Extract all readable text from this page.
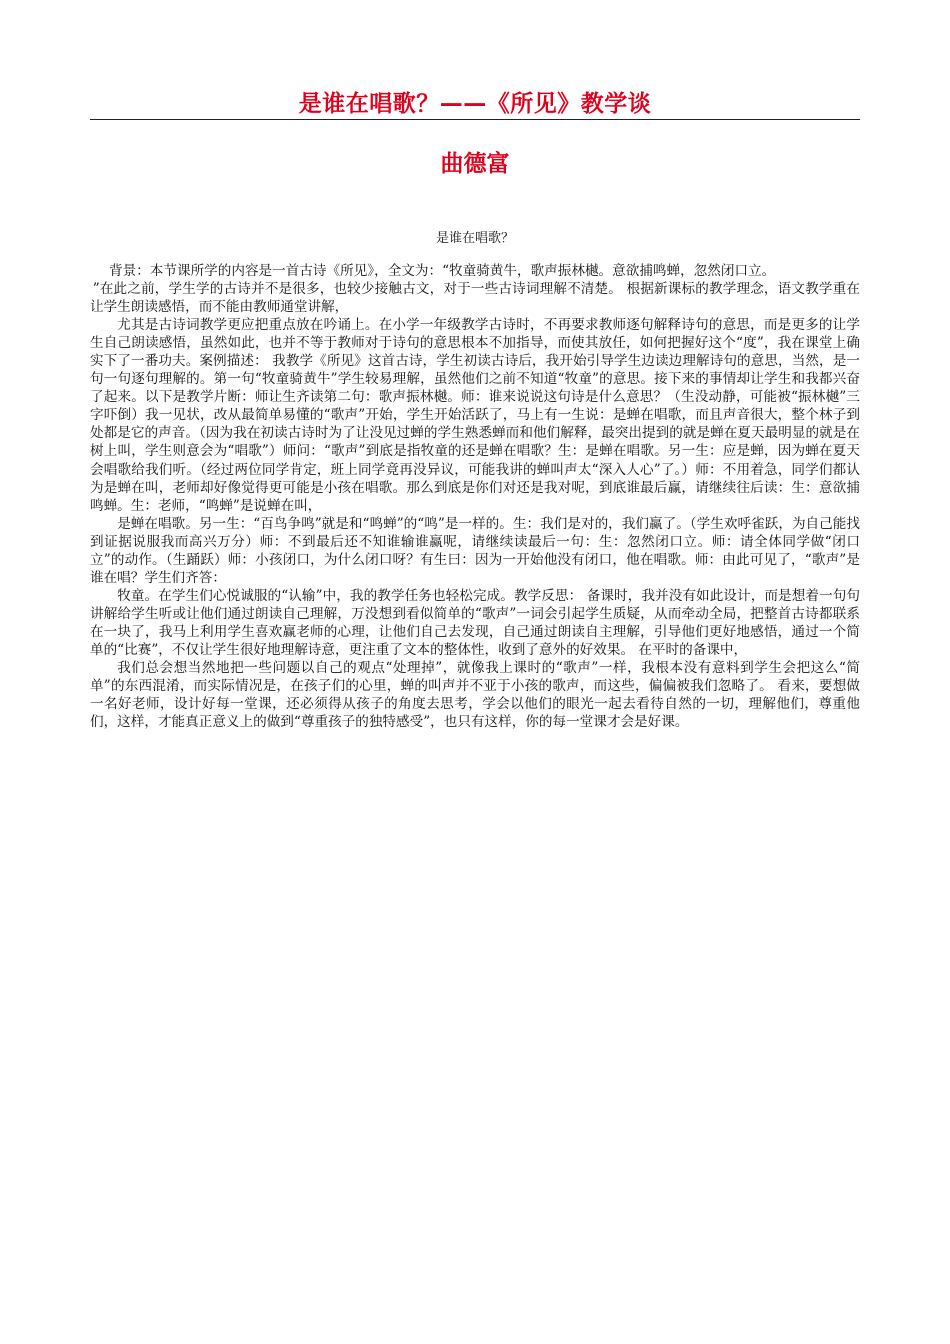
是谁在唱歌？——《所见》教学谈
曲德富

是谁在唱歌？

背景：本节课所学的内容是一首古诗《所见》，全文为：“牧童骑黄牛，歌声振林樾。意欲捕鸣蝉，忽然闭口立。

”在此之前，学生学的古诗并不是很多，也较少接触古文，对于一些古诗词理解不清楚。 根据新课标的教学理念，语文教学重在让学生朗读感悟，而不能由教师通堂讲解，

尤其是古诗词教学更应把重点放在吟诵上。在小学一年级教学古诗时，不再要求教师逐句解释诗句的意思，而是更多的让学生自己朗读感悟，虽然如此，也并不等于教师对于诗句的意思根本不加指导，而使其放任，如何把握好这个“度”，我在课堂上确实下了一番功夫。案例描述： 我教学《所见》这首古诗，学生初读古诗后，我开始引导学生边读边理解诗句的意思，当然，是一句一句逐句理解的。第一句“牧童骑黄牛”学生较易理解，虽然他们之前不知道“牧童”的意思。接下来的事情却让学生和我都兴奋了起来。以下是教学片断：师让生齐读第二句：歌声振林樾。师：谁来说说这句诗是什么意思？（生没动静，可能被“振林樾”三字吓倒）我一见状，改从最简单易懂的“歌声”开始，学生开始活跃了，马上有一生说：是蝉在唱歌，而且声音很大，整个林子到处都是它的声音。（因为我在初读古诗时为了让没见过蝉的学生熟悉蝉而和他们解释，最突出提到的就是蝉在夏天最明显的就是在树上叫，学生则意会为“唱歌”）师问：“歌声”到底是指牧童的还是蝉在唱歌？生：是蝉在唱歌。另一生：应是蝉，因为蝉在夏天会唱歌给我们听。（经过两位同学肯定，班上同学竟再没异议，可能我讲的蝉叫声太“深入人心”了。）师：不用着急，同学们都认为是蝉在叫，老师却好像觉得更可能是小孩在唱歌。那么到底是你们对还是我对呢，到底谁最后赢，请继续往后读：生：意欲捕鸣蝉。生：老师，“鸣蝉”是说蝉在叫，

是蝉在唱歌。另一生：“百鸟争鸣”就是和“鸣蝉”的“鸣”是一样的。生：我们是对的，我们赢了。（学生欢呼雀跃，为自己能找到证据说服我而高兴万分）师：不到最后还不知谁输谁赢呢，请继续读最后一句：生：忽然闭口立。师：请全体同学做“闭口立”的动作。（生踊跃）师：小孩闭口，为什么闭口呀？有生曰：因为一开始他没有闭口，他在唱歌。师：由此可见了，“歌声”是谁在唱？学生们齐答：

牧童。在学生们心悦诚服的“认输”中，我的教学任务也轻松完成。教学反思： 备课时，我并没有如此设计，而是想着一句句讲解给学生听或让他们通过朗读自己理解，万没想到看似简单的“歌声”一词会引起学生质疑，从而牵动全局，把整首古诗都联系在一块了，我马上利用学生喜欢赢老师的心理，让他们自己去发现，自己通过朗读自主理解，引导他们更好地感悟，通过一个简单的“比赛”，不仅让学生很好地理解诗意，更注重了文本的整体性，收到了意外的好效果。 在平时的备课中，

我们总会想当然地把一些问题以自己的观点“处理掉”，就像我上课时的“歌声”一样，我根本没有意料到学生会把这么“简单”的东西混淆，而实际情况是，在孩子们的心里，蝉的叫声并不亚于小孩的歌声，而这些，偏偏被我们忽略了。 看来，要想做一名好老师，设计好每一堂课，还必须得从孩子的角度去思考，学会以他们的眼光一起去看待自然的一切，理解他们，尊重他们，这样，才能真正意义上的做到“尊重孩子的独特感受”，也只有这样，你的每一堂课才会是好课。
